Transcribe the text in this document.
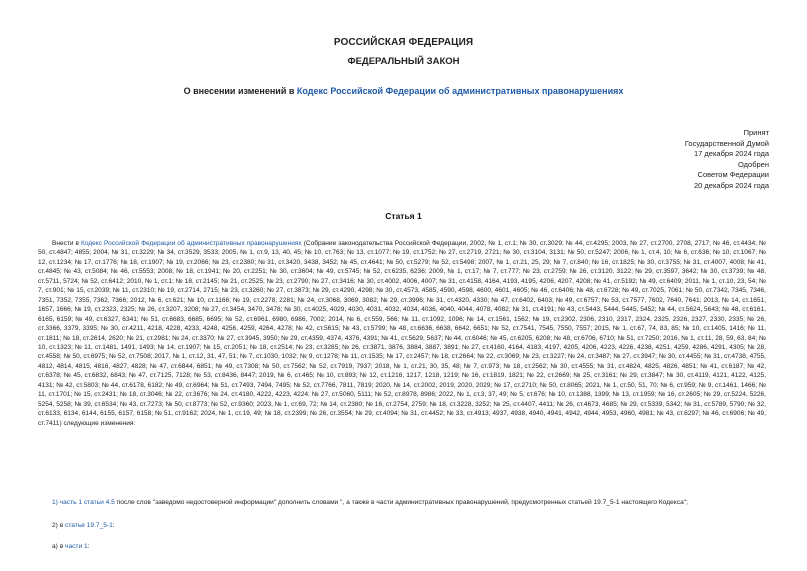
РОССИЙСКАЯ ФЕДЕРАЦИЯ
ФЕДЕРАЛЬНЫЙ ЗАКОН
О внесении изменений в Кодекс Российской Федерации об административных правонарушениях
Принят
Государственной Думой
17 декабря 2024 года
Одобрен
Советом Федерации
20 декабря 2024 года
Статья 1
Внести в Кодекс Российской Федерации об административных правонарушениях (Собрание законодательства Российской Федерации, 2002, № 1, ст.1; № 30, ст.3029; № 44, ст.4295; 2003, № 27, ст.2700, 2708, 2717; № 46, ст.4434; № 50, ст.4847; 4855; 2004, № 31, ст.3229; № 34, ст.3529, 3533; 2005, № 1, ст.9, 13, 40, 45; № 10, ст.763; № 13, ст.1077; № 19, ст.1752; № 27, ст.2719, 2721; № 30, ст.3104, 3131; № 50, ст.5247; 2006, № 1, ст.4, 10; № 6, ст.636; № 10, ст.1067; № 12, ст.1234; № 17, ст.1776; № 18, ст.1907; № 19, ст.2066; № 23, ст.2380; № 31, ст.3420, 3438, 3452; № 45, ст.4641; № 50, ст.5279; № 52, ст.5498; 2007, № 1, ст.21, 25, 29; № 7, ст.840; № 16, ст.1825; № 30, ст.3755; № 31, ст.4007, 4008; № 41, ст.4845; № 43, ст.5084; № 46, ст.5553; 2008, № 18, ст.1941; № 20, ст.2251; № 30, ст.3604; № 49, ст.5745; № 52, ст.6235, 6236; 2009, № 1, ст.17; № 7, ст.777; № 23, ст.2759; № 26, ст.3120, 3122; № 29, ст.3597, 3642; № 30, ст.3739; № 48, ст.5711, 5724; № 52, ст.6412; 2010, № 1, ст.1; № 18, ст.2145; № 21, ст.2525; № 23, ст.2790; № 27, ст.3416; № 30, ст.4002, 4006, 4007; № 31, ст.4158, 4164, 4193, 4195, 4206, 4207, 4208; № 41, ст.5192; № 49, ст.6409; 2011, № 1, ст.10, 23, 54; № 7, ст.901; № 15, ст.2039; № 11, ст.2310; № 19, ст.2714, 2715; № 23, ст.3260; № 27, ст.3873; № 29, ст.4290, 4298; № 30, ст.4573, 4585, 4590, 4598, 4600, 4601, 4605; № 46, ст.6406; № 48, ст.6728; № 49, ст.7025, 7061; № 50, ст.7342, 7345, 7346, 7351, 7352, 7355, 7362, 7366; 2012, № 6, ст.621; № 10, ст.1166; № 19, ст.2278, 2281; № 24, ст.3068, 3069, 3082; № 29, ст.3996; № 31, ст.4320, 4330; № 47, ст.6402, 6403; № 49, ст.6757; № 53, ст.7577, 7602, 7640, 7641; 2013, № 14, ст.1651, 1657, 1666; № 19, ст.2323, 2325; № 26, ст.3207, 3208; № 27, ст.3454, 3470, 3478; № 30, ст.4025, 4029, 4030, 4031, 4032, 4034, 4036, 4040, 4044, 4078, 4082; № 31, ст.4191; № 43, ст.5443, 5444, 5445, 5452; № 44, ст.5624, 5643; № 48, ст.6161, 6165, 6159; № 49, ст.6327, 6341; № 51, ст.6683, 6685, 6695; № 52, ст.6961, 6980, 6986, 7002; 2014, № 6, ст.559, 566; № 11, ст.1092, 1096; № 14, ст.1561, 1562; № 19, ст.2302, 2306, 2310, 2317, 2324, 2325, 2326, 2327, 2330, 2335; № 26, ст.3366, 3379, 3395; № 30, ст.4211, 4218, 4228, 4233, 4248, 4256, 4259, 4264, 4278; № 42, ст.5615; № 43, ст.5799; № 48, ст.6636, 6638, 6642, 6651; № 52, ст.7541, 7545, 7550, 7557; 2015, № 1, ст.67, 74, 83, 85; № 10, ст.1405, 1416; № 11, ст.1811; № 18, ст.2614, 2620; № 21, ст.2981; № 24, ст.3370; № 27, ст.3945, 3950; № 29, ст.4359, 4374, 4376, 4391; № 41, ст.5629, 5637; № 44, ст.6046; № 45, ст.6205, 6208; № 48, ст.6706, 6710; № 51, ст.7250; 2016, № 1, ст.11, 28, 59, 63, 84; № 10, ст.1323; № 11, ст.1481, 1491, 1493; № 14, ст.1907; № 15, ст.2051; № 18, ст.2514; № 23, ст.3285; № 26, ст.3871, 3876, 3884, 3887, 3891; № 27, ст.4160, 4164, 4183, 4197, 4205, 4206, 4223, 4226, 4238, 4251, 4259, 4286, 4291, 4305; № 28, ст.4558; № 50, ст.6975; № 52, ст.7508; 2017, № 1, ст.12, 31, 47, 51; № 7, ст.1030, 1032; № 9, ст.1278; № 11, ст.1535; № 17, ст.2457; № 18, ст.2664; № 22, ст.3069; № 23, ст.3227; № 24, ст.3487; № 27, ст.3947; № 30, ст.4455; № 31, ст.4738, 4755, 4812, 4814, 4815, 4816, 4827, 4828; № 47, ст.6844, 6851; № 49, ст.7308; № 50, ст.7562; № 52, ст.7919, 7937; 2018, № 1, ст.21, 30, 35, 48; № 7, ст.973; № 18, ст.2562; № 30, ст.4555; № 31, ст.4824, 4825, 4826, 4851; № 41, ст.6187; № 42, ст.6378; № 45, ст.6832, 6843; № 47, ст.7125, 7128; № 53, ст.8436, 8447; 2019, № 6, ст.465; № 10, ст.893; № 12, ст.1216, 1217, 1218, 1219; № 16, ст.1819, 1821; № 22, ст.2669; № 25, ст.3161; № 29, ст.3847; № 30, ст.4119, 4121, 4122, 4125, 4131; № 42, ст.5803; № 44, ст.6178, 6182; № 49, ст.6964; № 51, ст.7493, 7494, 7495; № 52, ст.7766, 7811, 7819; 2020, № 14, ст.2002, 2019, 2020, 2029; № 17, ст.2710; № 50, ст.8065; 2021, № 1, ст.50, 51, 70; № 6, ст.959; № 9, ст.1461, 1466; № 11, ст.1701; № 15, ст.2431; № 18, ст.3046; № 22, ст.3676; № 24, ст.4180, 4222, 4223, 4224; № 27, ст.5060, 5111; № 52, ст.8978, 8986; 2022, № 1, ст.3, 37, 49; № 5, ст.676; № 10, ст.1388, 1399; № 13, ст.1959; № 16, ст.2605; № 29, ст.5224, 5226, 5254, 5258; № 39, ст.6534; № 43, ст.7273; № 50, ст.8773; № 52, ст.9360; 2023, № 1, ст.69, 72; № 14, ст.2380; № 16, ст.2754, 2759; № 18, ст.3228, 3252; № 25, ст.4407, 4411; № 26, ст.4673, 4685; № 29, ст.5339, 5342; № 31, ст.5789, 5790; № 32, ст.6133, 6134, 6144, 6155, 6157, 6158; № 51, ст.9162; 2024, № 1, ст.19, 49; № 18, ст.2399; № 26, ст.3554; № 29, ст.4094; № 31, ст.4452; № 33, ст.4913, 4937, 4938, 4940, 4941, 4942, 4944, 4953, 4960, 4981; № 43, ст.6297; № 46, ст.6906; № 49, ст.7411) следующие изменения:
1) часть 1 статьи 4.5 после слов "заведомо недостоверной информации" дополнить словами ", а также в части административных правонарушений, предусмотренных статьей 19.7_5-1 настоящего Кодекса";
2) в статье 19.7_5-1:
а) в части 1:
